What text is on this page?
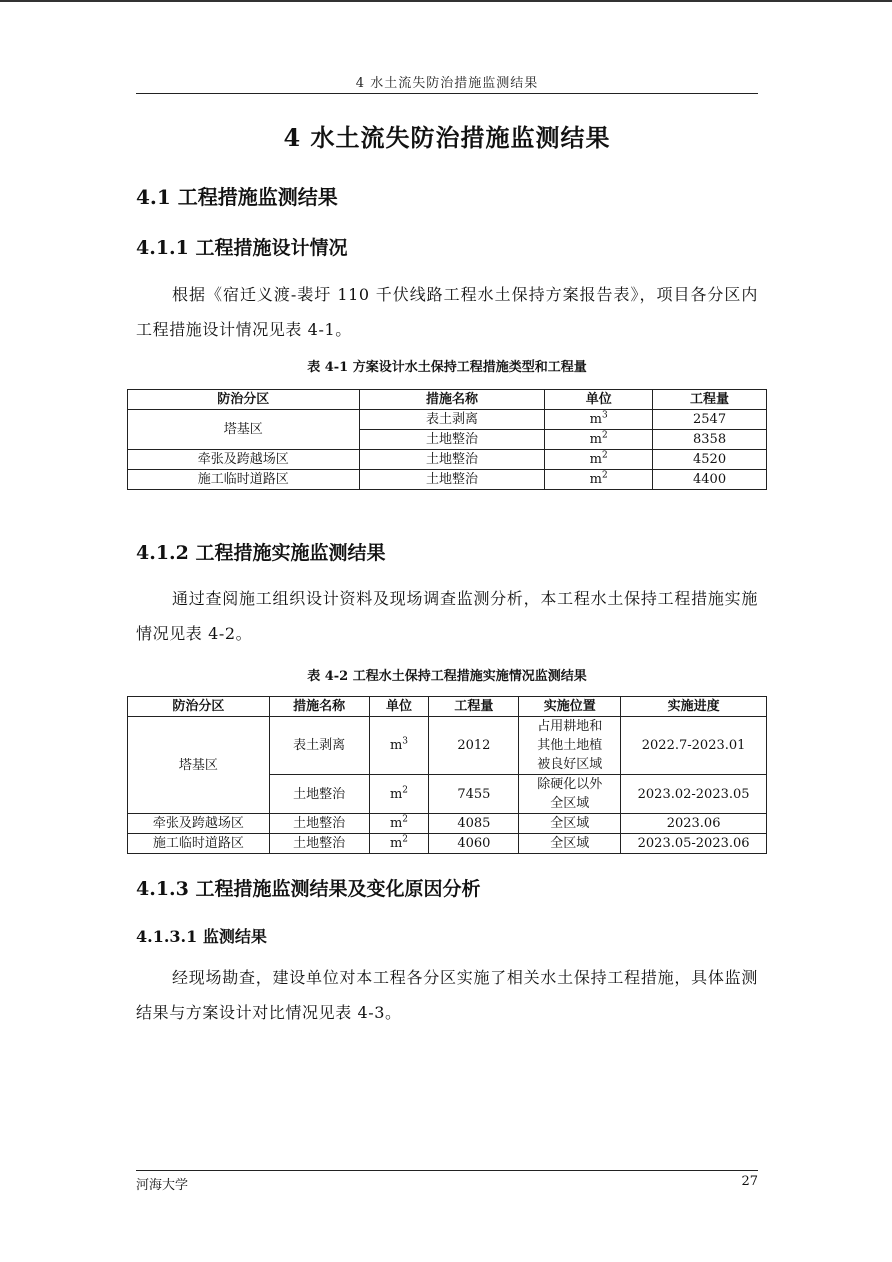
4 水土流失防治措施监测结果
4 水土流失防治措施监测结果
4.1 工程措施监测结果
4.1.1 工程措施设计情况
根据《宿迁义渡-裴圩 110 千伏线路工程水土保持方案报告表》，项目各分区内工程措施设计情况见表 4-1。
表 4-1 方案设计水土保持工程措施类型和工程量
防治分区	措施名称	单位	工程量
塔基区	表土剥离	$m^3$	2547
	土地整治	$m^2$	8358
牵张及跨越场区	土地整治	$m^2$	4520
施工临时道路区	土地整治	$m^2$	4400
4.1.2 工程措施实施监测结果
通过查阅施工组织设计资料及现场调查监测分析，本工程水土保持工程措施实施情况见表 4-2。
表 4-2 工程水土保持工程措施实施情况监测结果
防治分区	措施名称	单位	工程量	实施位置	实施进度
塔基区	表土剥离	$m^3$	2012	占用耕地和其他土地植被良好区域	2022.7-2023.01
	土地整治	$m^2$	7455	除硬化以外全区域	2023.02-2023.05
牵张及跨越场区	土地整治	$m^2$	4085	全区域	2023.06
施工临时道路区	土地整治	$m^2$	4060	全区域	2023.05-2023.06
4.1.3 工程措施监测结果及变化原因分析
4.1.3.1 监测结果
经现场勘查，建设单位对本工程各分区实施了相关水土保持工程措施，具体监测结果与方案设计对比情况见表 4-3。
河海大学	27
